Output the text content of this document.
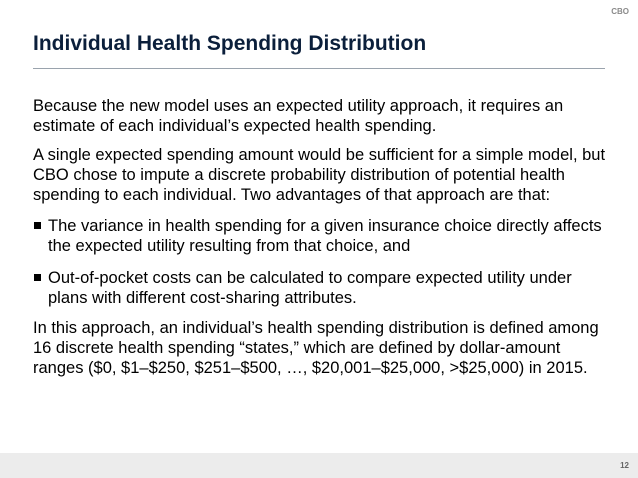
CBO
Individual Health Spending Distribution

Because the new model uses an expected utility approach, it requires an estimate of each individual’s expected health spending.

A single expected spending amount would be sufficient for a simple model, but CBO chose to impute a discrete probability distribution of potential health spending to each individual. Two advantages of that approach are that:

The variance in health spending for a given insurance choice directly affects the expected utility resulting from that choice, and
Out-of-pocket costs can be calculated to compare expected utility under plans with different cost-sharing attributes.

In this approach, an individual’s health spending distribution is defined among 16 discrete health spending “states,” which are defined by dollar-amount ranges ($0, $1–$250, $251–$500, …, $20,001–$25,000, >$25,000) in 2015.

12
